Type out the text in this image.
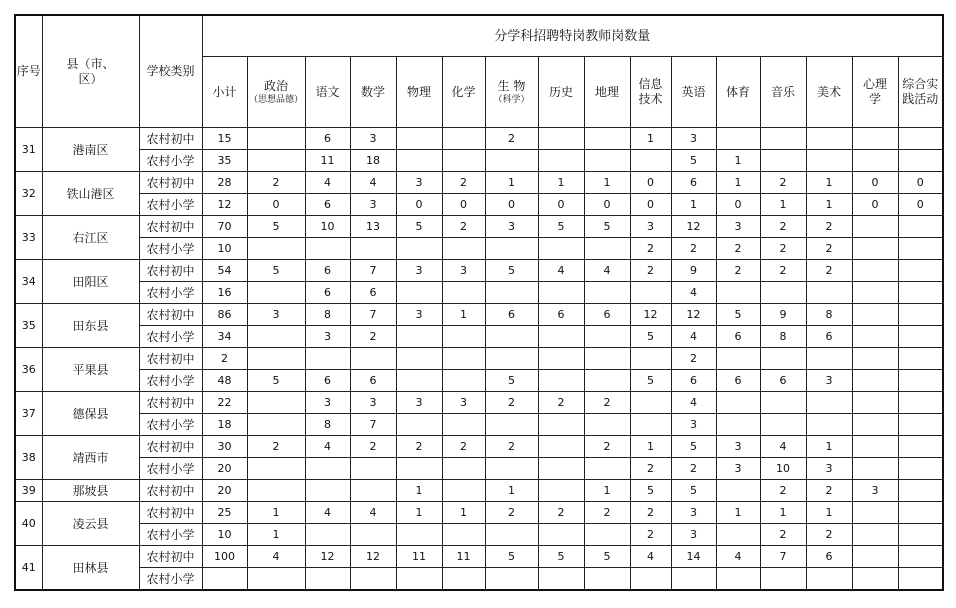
序号	县（市、
区）	学校类别	分学科招聘特岗教师岗数量															
			小计	政治
（思想品德）	语文	数学	物理	化学	生 物
（科学）	历史	地理	信息
技术	英语	体育	音乐	美术	心理
学	综合实
践活动
31	港南区	农村初中	15		6	3			2			1	3					
		农村小学	35		11	18							5	1				
32	铁山港区	农村初中	28	2	4	4	3	2	1	1	1	0	6	1	2	1	0	0
		农村小学	12	0	6	3	0	0	0	0	0	0	1	0	1	1	0	0
33	右江区	农村初中	70	5	10	13	5	2	3	5	5	3	12	3	2	2		
		农村小学	10									2	2	2	2	2		
34	田阳区	农村初中	54	5	6	7	3	3	5	4	4	2	9	2	2	2		
		农村小学	16		6	6							4					
35	田东县	农村初中	86	3	8	7	3	1	6	6	6	12	12	5	9	8		
		农村小学	34		3	2						5	4	6	8	6		
36	平果县	农村初中	2										2					
		农村小学	48	5	6	6			5			5	6	6	6	3		
37	德保县	农村初中	22		3	3	3	3	2	2	2		4					
		农村小学	18		8	7							3					
38	靖西市	农村初中	30	2	4	2	2	2	2		2	1	5	3	4	1		
		农村小学	20									2	2	3	10	3		
39	那坡县	农村初中	20				1		1		1	5	5		2	2	3	
40	凌云县	农村初中	25	1	4	4	1	1	2	2	2	2	3	1	1	1		
		农村小学	10	1								2	3		2	2		
41	田林县	农村初中	100	4	12	12	11	11	5	5	5	4	14	4	7	6		
		农村小学																
